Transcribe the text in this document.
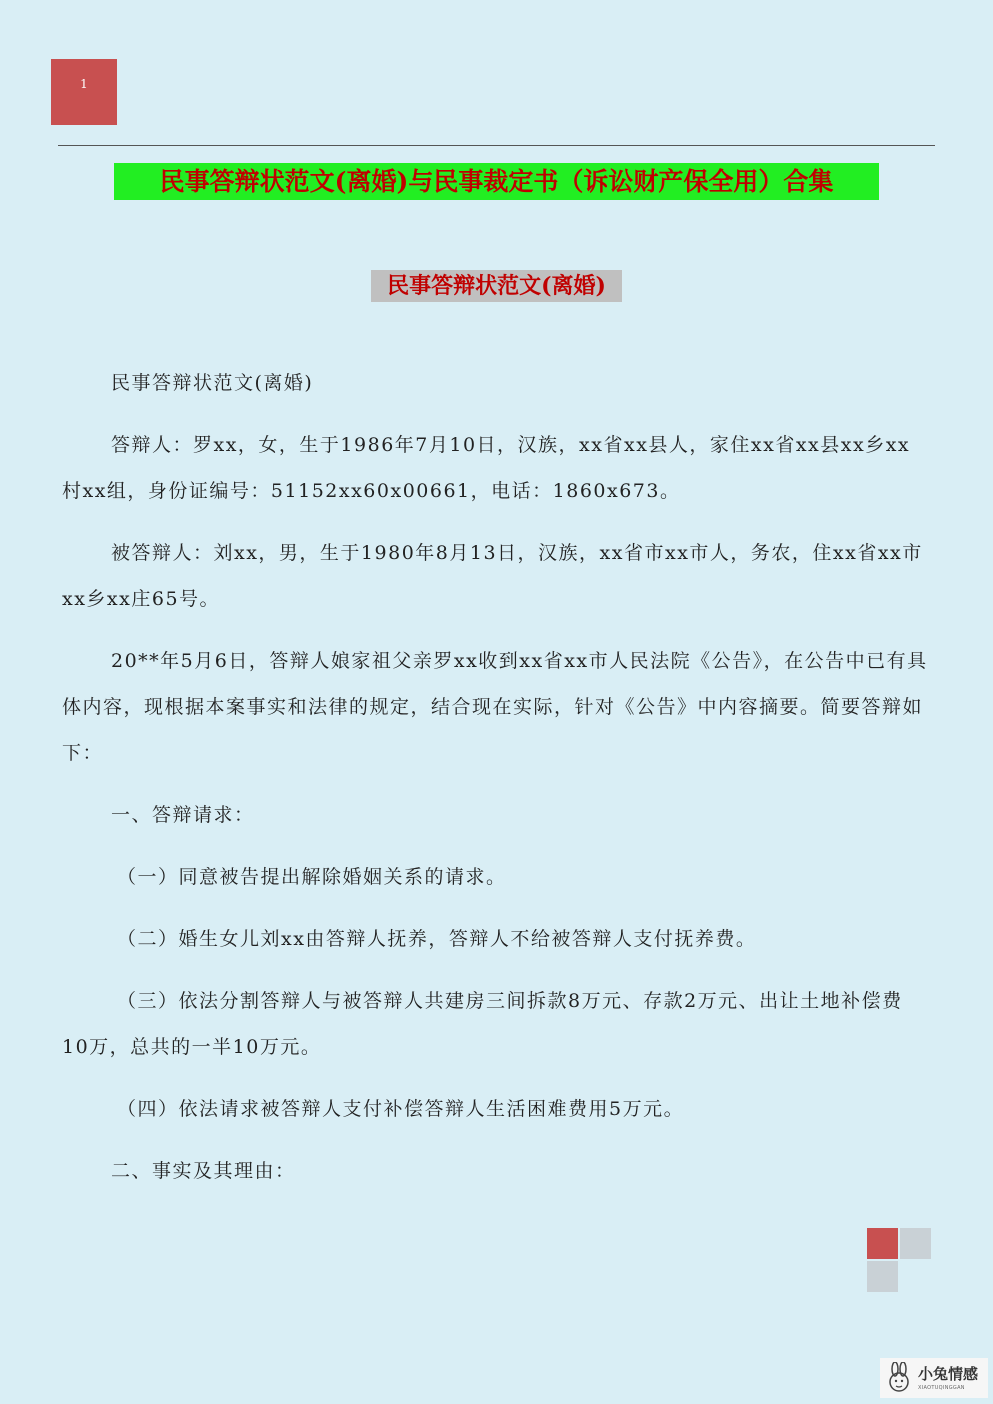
1
民事答辩状范文(离婚)与民事裁定书（诉讼财产保全用）合集
民事答辩状范文(离婚)

民事答辩状范文(离婚)

答辩人：罗xx，女，生于1986年7月10日，汉族，xx省xx县人，家住xx省xx县xx乡xx村xx组，身份证编号：51152xx60x00661，电话：1860x673。

被答辩人：刘xx，男，生于1980年8月13日，汉族，xx省市xx市人，务农，住xx省xx市xx乡xx庄65号。

20**年5月6日，答辩人娘家祖父亲罗xx收到xx省xx市人民法院《公告》，在公告中已有具体内容，现根据本案事实和法律的规定，结合现在实际，针对《公告》中内容摘要。简要答辩如下：

一、答辩请求：

（一）同意被告提出解除婚姻关系的请求。

（二）婚生女儿刘xx由答辩人抚养，答辩人不给被答辩人支付抚养费。

（三）依法分割答辩人与被答辩人共建房三间拆款8万元、存款2万元、出让土地补偿费10万，总共的一半10万元。

（四）依法请求被答辩人支付补偿答辩人生活困难费用5万元。

二、事实及其理由：

小兔情感
XIAOTUQINGGAN
